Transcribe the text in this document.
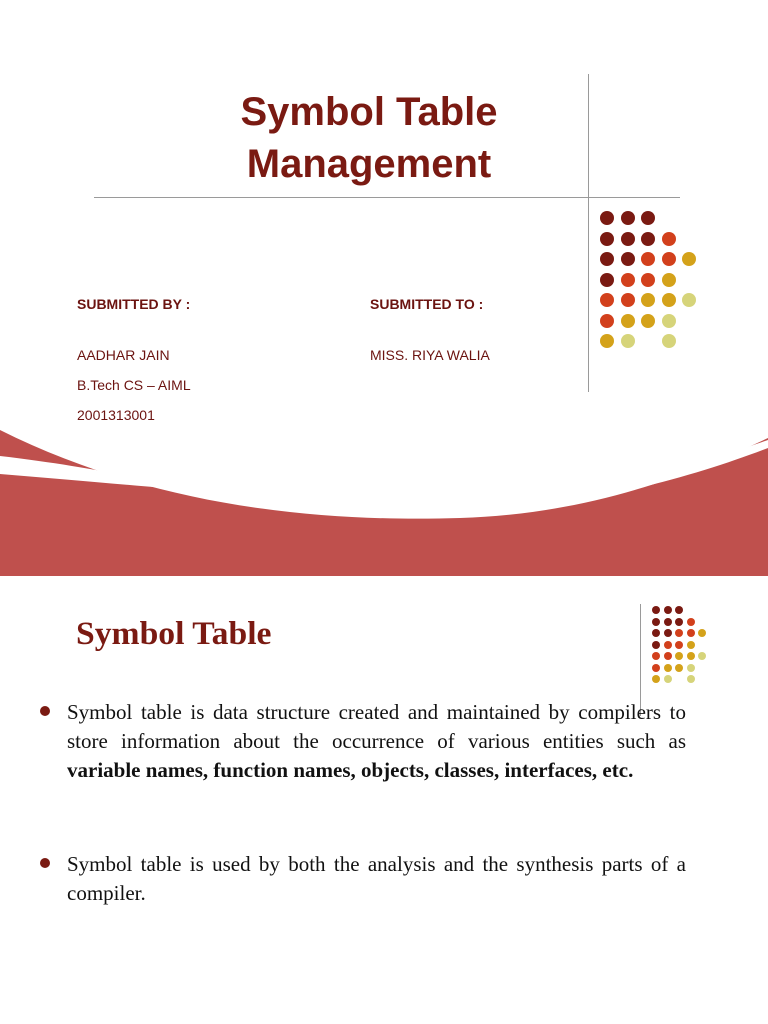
Symbol Table
Management
SUBMITTED BY :	SUBMITTED TO :
AADHAR JAIN
B.Tech CS – AIML
2001313001
MISS. RIYA WALIA
Symbol Table

Symbol table is data structure created and maintained by compilers to store information about the occurrence of various entities such as variable names, function names, objects, classes, interfaces, etc.

Symbol table is used by both the analysis and the synthesis parts of a compiler.
